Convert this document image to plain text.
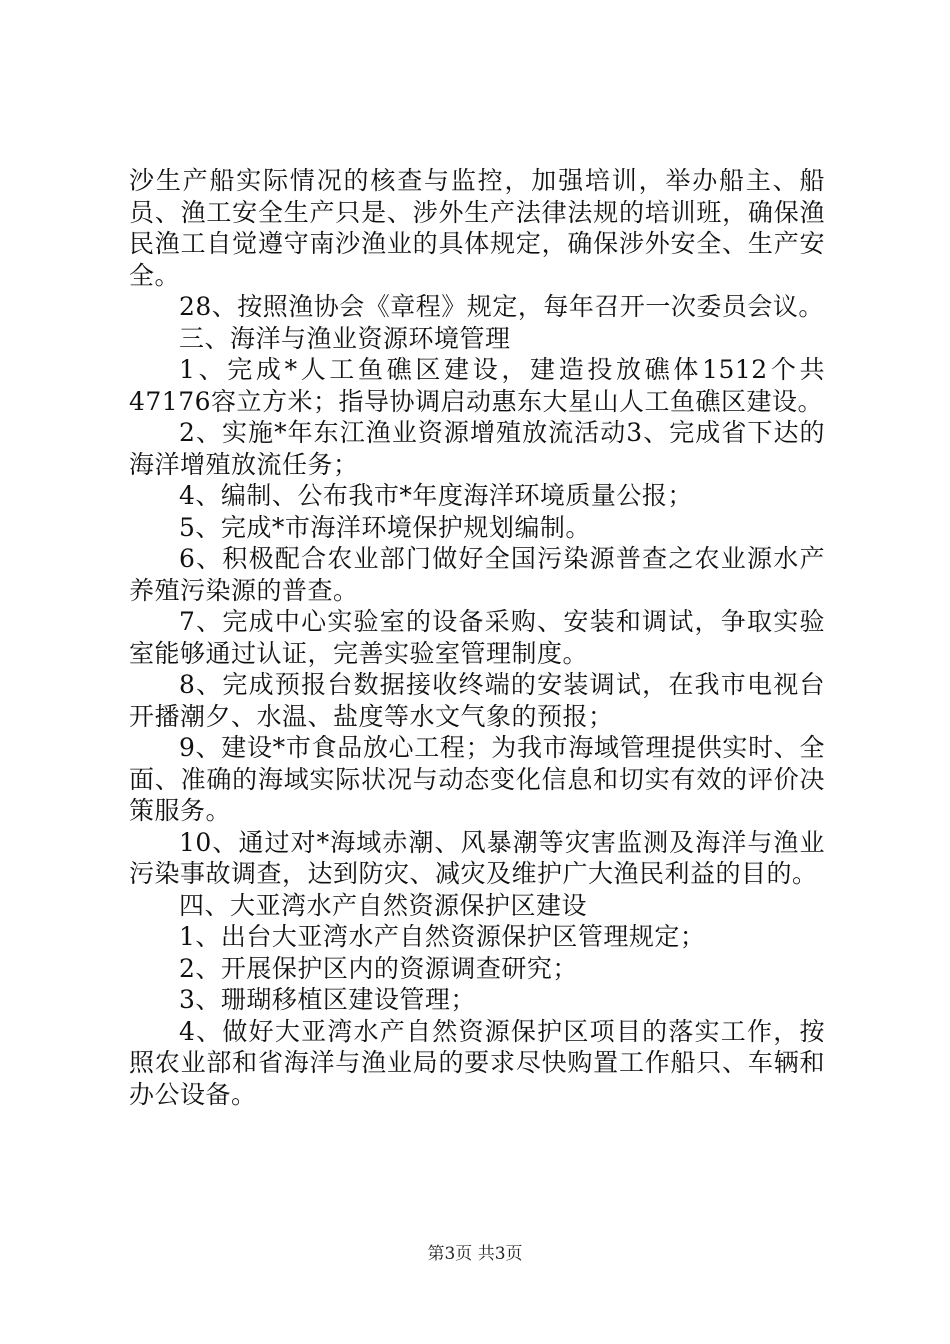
沙生产船实际情况的核查与监控，加强培训，举办船主、船员、渔工安全生产只是、涉外生产法律法规的培训班，确保渔民渔工自觉遵守南沙渔业的具体规定，确保涉外安全、生产安全。

28、按照渔协会《章程》规定，每年召开一次委员会议。

三、海洋与渔业资源环境管理

1、完成*人工鱼礁区建设，建造投放礁体1512个共47176容立方米；指导协调启动惠东大星山人工鱼礁区建设。

2、实施*年东江渔业资源增殖放流活动3、完成省下达的海洋增殖放流任务；

4、编制、公布我市*年度海洋环境质量公报；

5、完成*市海洋环境保护规划编制。

6、积极配合农业部门做好全国污染源普查之农业源水产养殖污染源的普查。

7、完成中心实验室的设备采购、安装和调试，争取实验室能够通过认证，完善实验室管理制度。

8、完成预报台数据接收终端的安装调试，在我市电视台开播潮夕、水温、盐度等水文气象的预报；

9、建设*市食品放心工程；为我市海域管理提供实时、全面、准确的海域实际状况与动态变化信息和切实有效的评价决策服务。

10、通过对*海域赤潮、风暴潮等灾害监测及海洋与渔业污染事故调查，达到防灾、减灾及维护广大渔民利益的目的。

四、大亚湾水产自然资源保护区建设

1、出台大亚湾水产自然资源保护区管理规定；

2、开展保护区内的资源调查研究；

3、珊瑚移植区建设管理；

4、做好大亚湾水产自然资源保护区项目的落实工作，按照农业部和省海洋与渔业局的要求尽快购置工作船只、车辆和办公设备。

第3页 共3页
